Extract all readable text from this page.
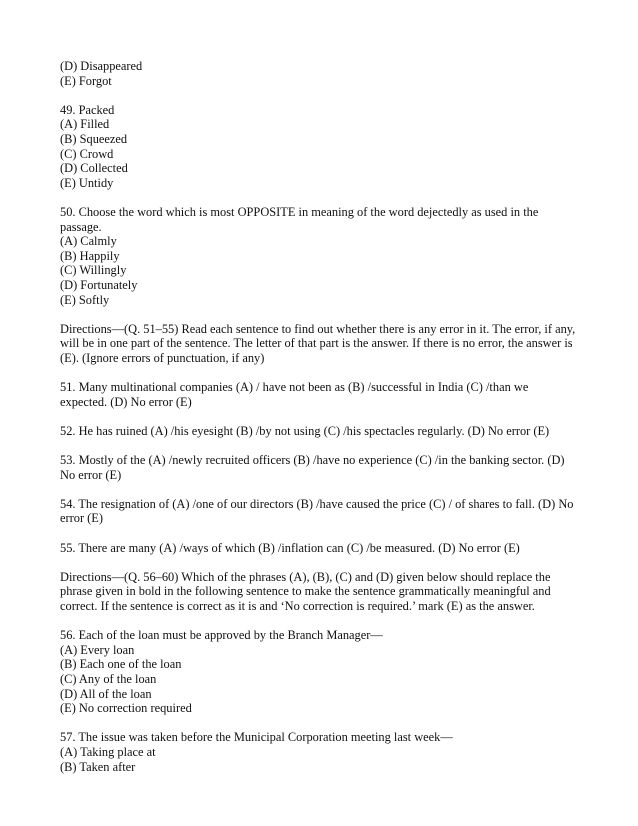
(D) Disappeared

(E) Forgot

49. Packed

(A) Filled

(B) Squeezed

(C) Crowd

(D) Collected

(E) Untidy

50. Choose the word which is most OPPOSITE in meaning of the word dejectedly as used in the passage.

(A) Calmly

(B) Happily

(C) Willingly

(D) Fortunately

(E) Softly

Directions—(Q. 51–55) Read each sentence to find out whether there is any error in it. The error, if any, will be in one part of the sentence. The letter of that part is the answer. If there is no error, the answer is (E). (Ignore errors of punctuation, if any)

51. Many multinational companies (A) / have not been as (B) /successful in India (C) /than we expected. (D) No error (E)

52. He has ruined (A) /his eyesight (B) /by not using (C) /his spectacles regularly. (D) No error (E)

53. Mostly of the (A) /newly recruited officers (B) /have no experience (C) /in the banking sector. (D) No error (E)

54. The resignation of (A) /one of our directors (B) /have caused the price (C) / of shares to fall. (D) No error (E)

55. There are many (A) /ways of which (B) /inflation can (C) /be measured. (D) No error (E)

Directions—(Q. 56–60) Which of the phrases (A), (B), (C) and (D) given below should replace the phrase given in bold in the following sentence to make the sentence grammatically meaningful and correct. If the sentence is correct as it is and ‘No correction is required.’ mark (E) as the answer.

56. Each of the loan must be approved by the Branch Manager—

(A) Every loan

(B) Each one of the loan

(C) Any of the loan

(D) All of the loan

(E) No correction required

57. The issue was taken before the Municipal Corporation meeting last week—

(A) Taking place at

(B) Taken after
